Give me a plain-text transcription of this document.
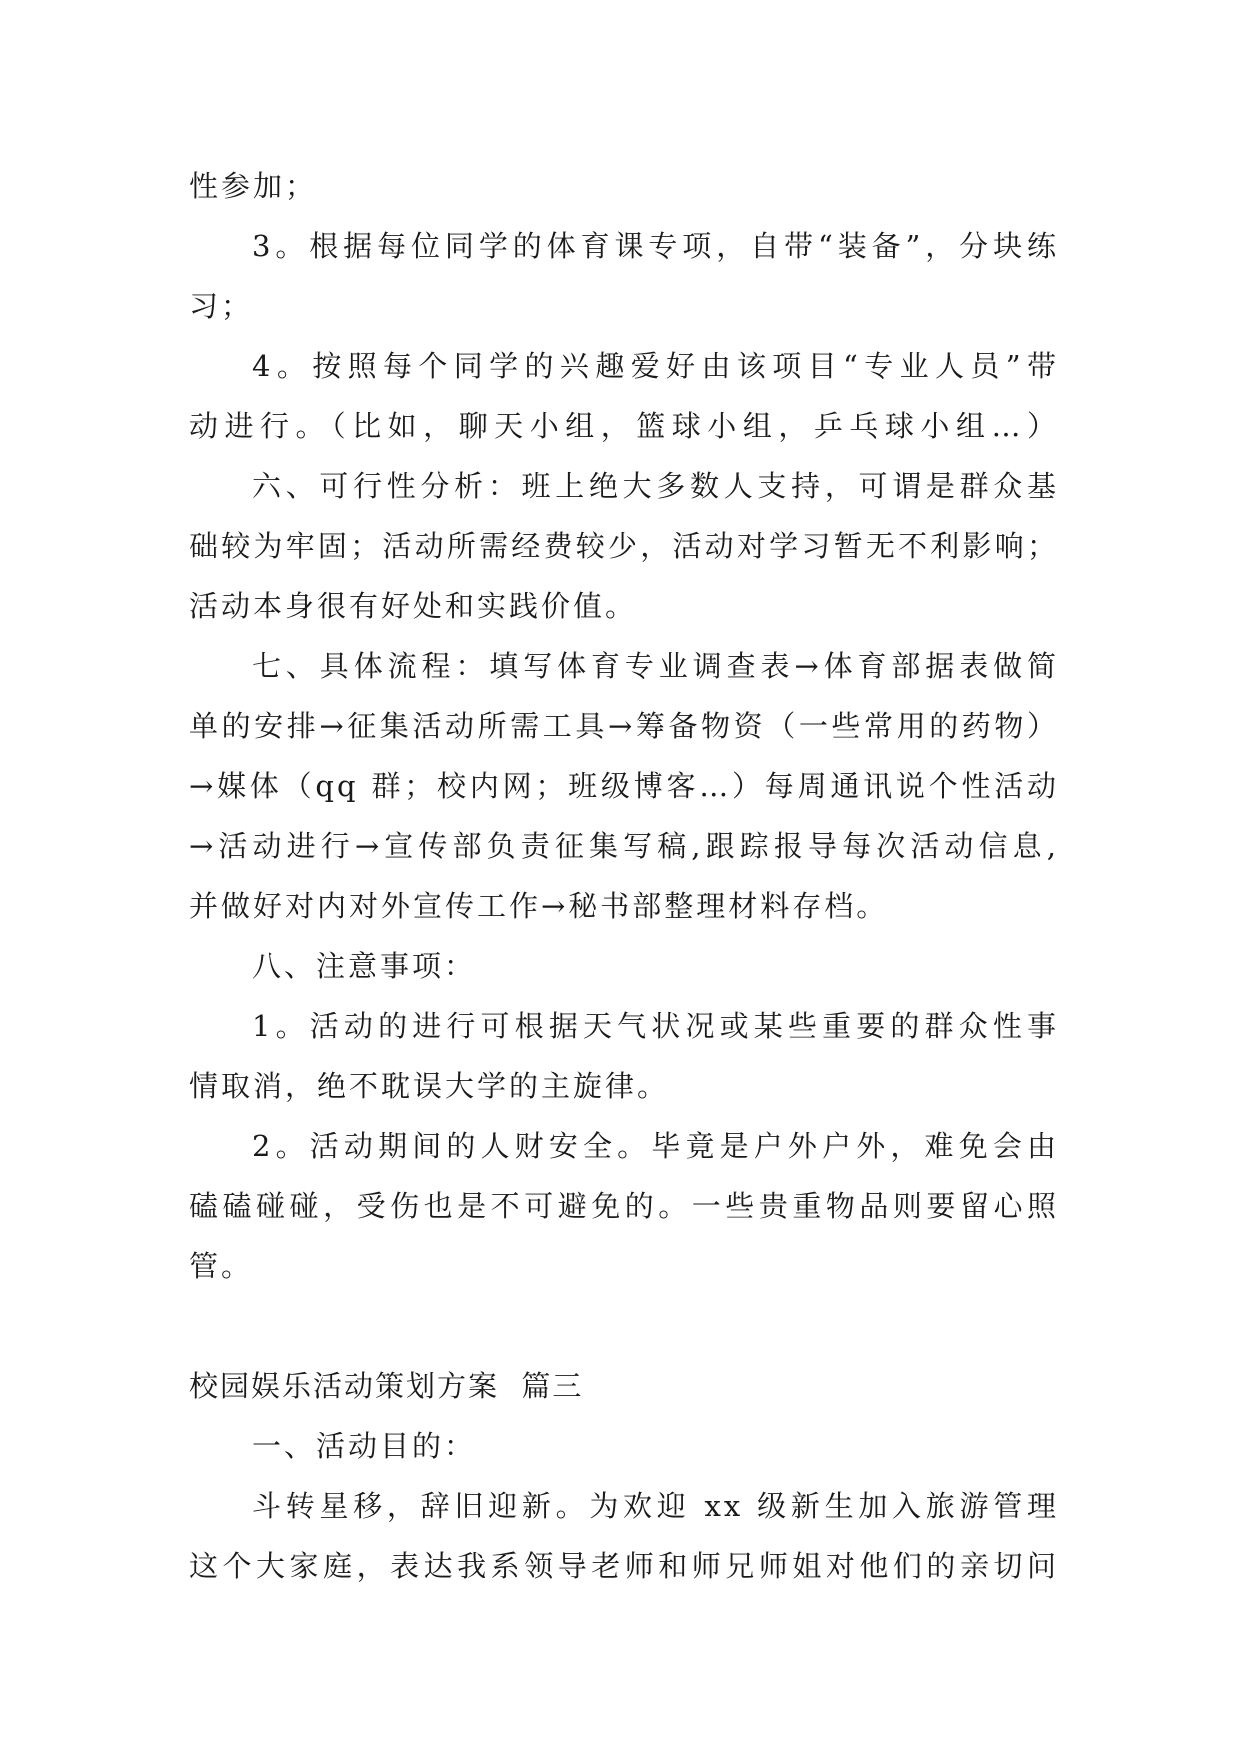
性参加；
3。根据每位同学的体育课专项，自带“装备”，分块练
习；
4。按照每个同学的兴趣爱好由该项目“专业人员”带
动进行。（比如，聊天小组，篮球小组，乒乓球小组…）
六、可行性分析：班上绝大多数人支持，可谓是群众基
础较为牢固；活动所需经费较少，活动对学习暂无不利影响；
活动本身很有好处和实践价值。
七、具体流程：填写体育专业调查表→体育部据表做简
单的安排→征集活动所需工具→筹备物资（一些常用的药物）
→媒体（qq 群；校内网；班级博客…）每周通讯说个性活动
→活动进行→宣传部负责征集写稿,跟踪报导每次活动信息,
并做好对内对外宣传工作→秘书部整理材料存档。
八、注意事项：
1。活动的进行可根据天气状况或某些重要的群众性事
情取消，绝不耽误大学的主旋律。
2。活动期间的人财安全。毕竟是户外户外，难免会由
磕磕碰碰，受伤也是不可避免的。一些贵重物品则要留心照
管。
校园娱乐活动策划方案  篇三
一、活动目的：
斗转星移，辞旧迎新。为欢迎 xx 级新生加入旅游管理
这个大家庭，表达我系领导老师和师兄师姐对他们的亲切问
